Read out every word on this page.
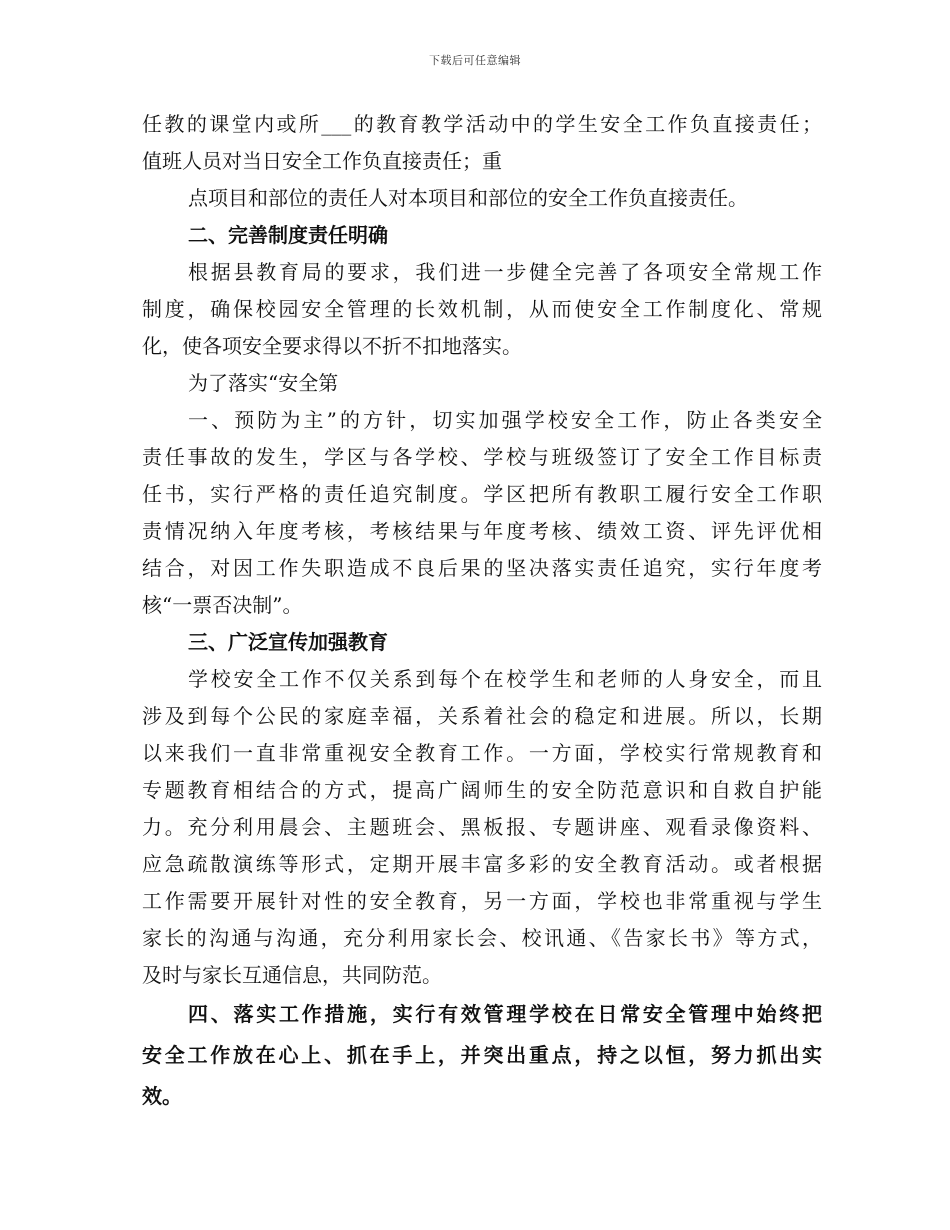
下载后可任意编辑
任教的课堂内或所___的教育教学活动中的学生安全工作负直接责任；
值班人员对当日安全工作负直接责任；重
点项目和部位的责任人对本项目和部位的安全工作负直接责任。
二、完善制度责任明确
根据县教育局的要求，我们进一步健全完善了各项安全常规工作
制度，确保校园安全管理的长效机制，从而使安全工作制度化、常规
化，使各项安全要求得以不折不扣地落实。
为了落实“安全第
一、预防为主”的方针，切实加强学校安全工作，防止各类安全
责任事故的发生，学区与各学校、学校与班级签订了安全工作目标责
任书，实行严格的责任追究制度。学区把所有教职工履行安全工作职
责情况纳入年度考核，考核结果与年度考核、绩效工资、评先评优相
结合，对因工作失职造成不良后果的坚决落实责任追究，实行年度考
核“一票否决制”。
三、广泛宣传加强教育
学校安全工作不仅关系到每个在校学生和老师的人身安全，而且
涉及到每个公民的家庭幸福，关系着社会的稳定和进展。所以，长期
以来我们一直非常重视安全教育工作。一方面，学校实行常规教育和
专题教育相结合的方式，提高广阔师生的安全防范意识和自救自护能
力。充分利用晨会、主题班会、黑板报、专题讲座、观看录像资料、
应急疏散演练等形式，定期开展丰富多彩的安全教育活动。或者根据
工作需要开展针对性的安全教育，另一方面，学校也非常重视与学生
家长的沟通与沟通，充分利用家长会、校讯通、《告家长书》等方式，
及时与家长互通信息，共同防范。
四、落实工作措施，实行有效管理学校在日常安全管理中始终把
安全工作放在心上、抓在手上，并突出重点，持之以恒，努力抓出实
效。
